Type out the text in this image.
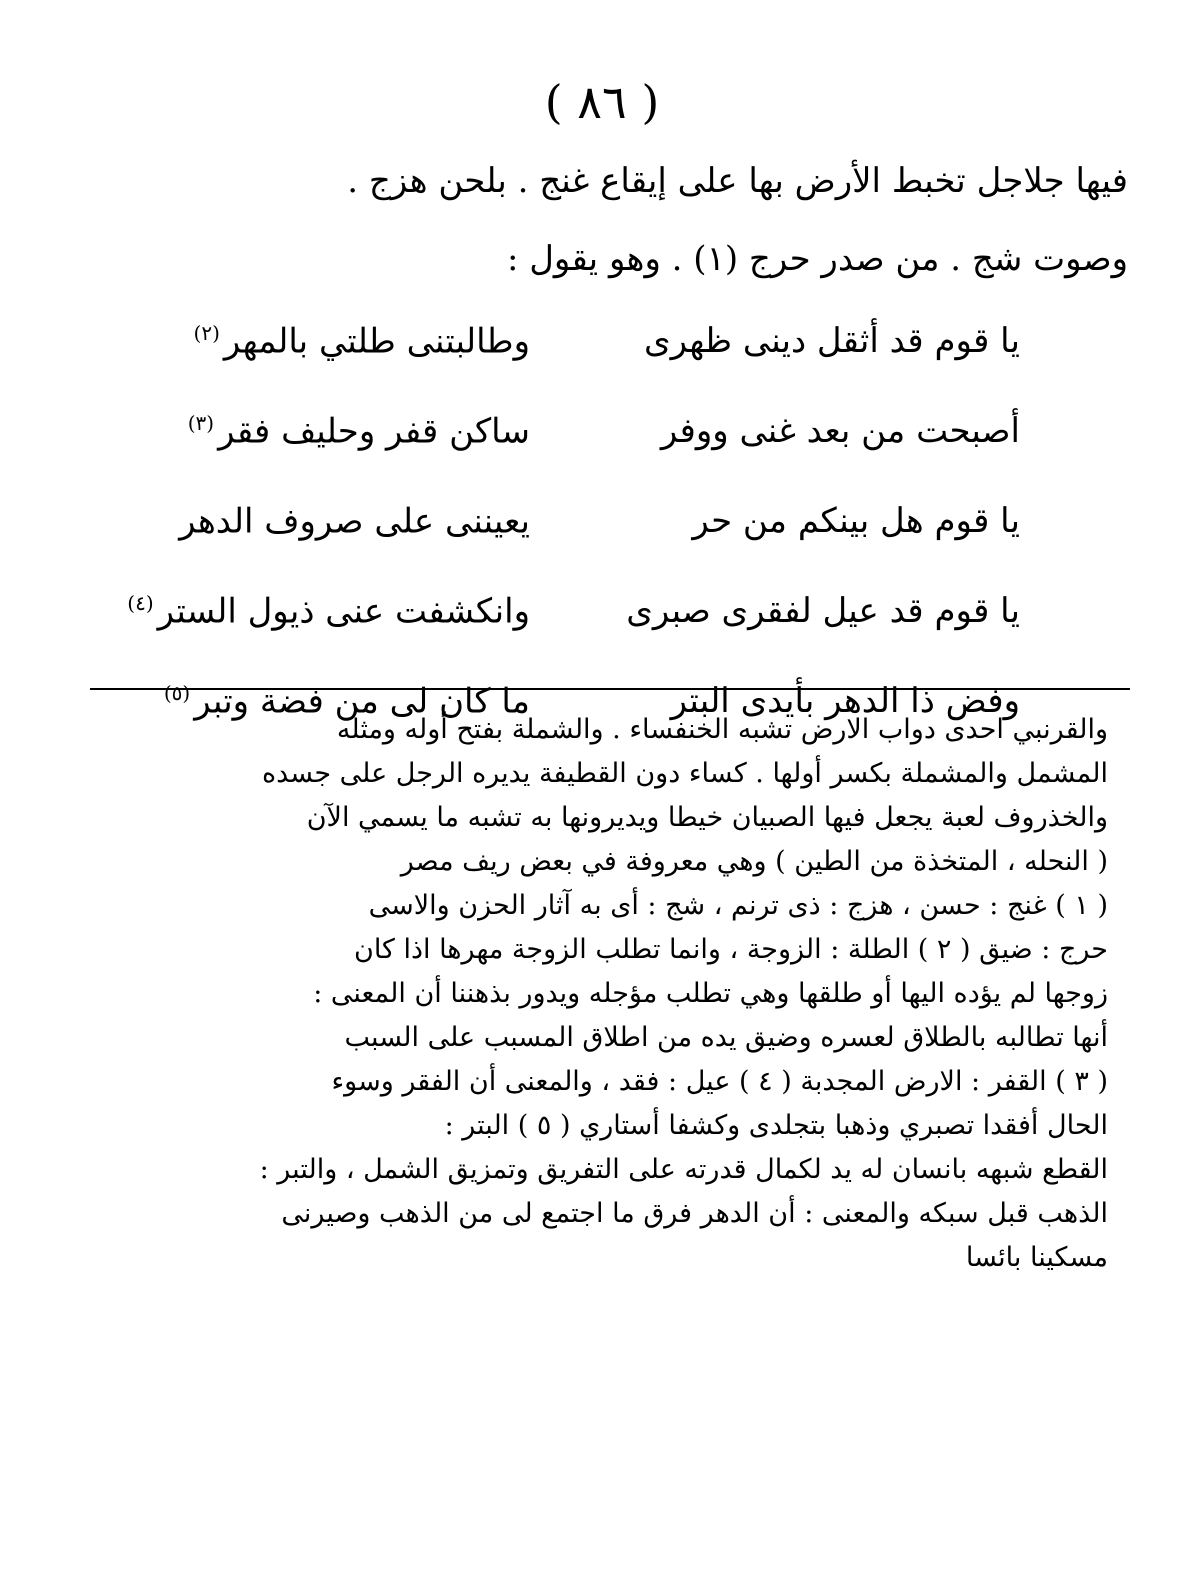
( ٨٦ )
فيها جلاجل تخبط الأرض بها على إيقاع غنج . بلحن هزج .
وصوت شج . من صدر حرج (١) . وهو يقول :
يا قوم قد أثقل دينى ظهرى
وطالبتنى طلتي بالمهر$^{(٢)}$
أصبحت من بعد غنى ووفر
ساكن قفر وحليف فقر$^{(٣)}$
يا قوم هل بينكم من حر
يعيننى على صروف الدهر
يا قوم قد عيل لفقرى صبرى
وانكشفت عنى ذيول الستر$^{(٤)}$
وفض ذا الدهر بأيدى البتر
ما كان لى من فضة وتبر$^{(٥)}$
والقرنبي احدى دواب الارض تشبه الخنفساء . والشملة بفتح أوله ومثله
المشمل والمشملة بكسر أولها . كساء دون القطيفة يديره الرجل على جسده
والخذروف لعبة يجعل فيها الصبيان خيطا ويديرونها به تشبه ما يسمي الآن
( النحله ، المتخذة من الطين ) وهي معروفة في بعض ريف مصر
( ١ ) غنج : حسن ، هزج : ذى ترنم ، شج : أى به آثار الحزن والاسى
حرج : ضيق ( ٢ ) الطلة : الزوجة ، وانما تطلب الزوجة مهرها اذا كان
زوجها لم يؤده اليها أو طلقها وهي تطلب مؤجله ويدور بذهننا أن المعنى :
أنها تطالبه بالطلاق لعسره وضيق يده من اطلاق المسبب على السبب
( ٣ ) القفر : الارض المجدبة ( ٤ ) عيل : فقد ، والمعنى أن الفقر وسوء
الحال أفقدا تصبري وذهبا بتجلدى وكشفا أستاري ( ٥ ) البتر :
القطع شبهه بانسان له يد لكمال قدرته على التفريق وتمزيق الشمل ، والتبر :
الذهب قبل سبكه والمعنى : أن الدهر فرق ما اجتمع لى من الذهب وصيرنى
مسكينا بائسا
